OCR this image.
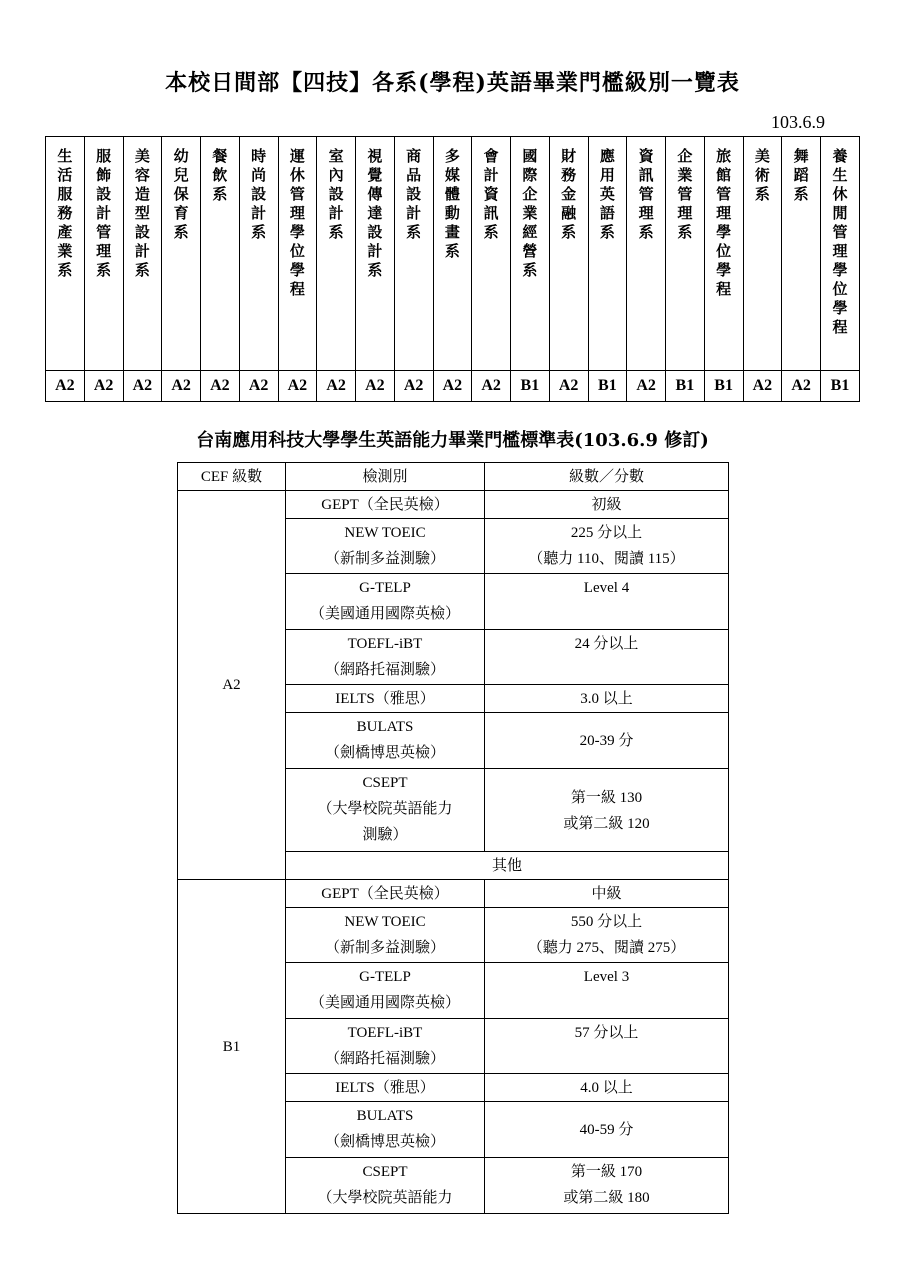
本校日間部【四技】各系(學程)英語畢業門檻級別一覽表
103.6.9
生活服務產業系	服飾設計管理系	美容造型設計系	幼兒保育系	餐飲系	時尚設計系	運休管理學位學程	室內設計系	視覺傳達設計系	商品設計系	多媒體動畫系	會計資訊系	國際企業經營系	財務金融系	應用英語系	資訊管理系	企業管理系	旅館管理學位學程	美術系	舞蹈系	養生休閒管理學位學程
A2	A2	A2	A2	A2	A2	A2	A2	A2	A2	A2	A2	B1	A2	B1	A2	B1	B1	A2	A2	B1
台南應用科技大學學生英語能力畢業門檻標準表(103.6.9 修訂)
CEF 級數	檢測別	級數／分數
A2	GEPT（全民英檢）	初級

	NEW TOEIC
（新制多益測驗）	225 分以上
（聽力 110、閱讀 115）

	G-TELP
（美國通用國際英檢）	Level 4

	TOEFL-iBT
（網路托福測驗）	24 分以上
	IELTS（雅思）	3.0 以上

	BULATS
（劍橋博思英檢）	20-39 分

	CSEPT
（大學校院英語能力
測驗）	第一級 130
或第二級 120

	其他	
B1	GEPT（全民英檢）	中級

	NEW TOEIC
（新制多益測驗）	550 分以上
（聽力 275、閱讀 275）

	G-TELP
（美國通用國際英檢）	Level 3

	TOEFL-iBT
（網路托福測驗）	57 分以上
	IELTS（雅思）	4.0 以上

	BULATS
（劍橋博思英檢）	40-59 分

	CSEPT
（大學校院英語能力	第一級 170
或第二級 180
